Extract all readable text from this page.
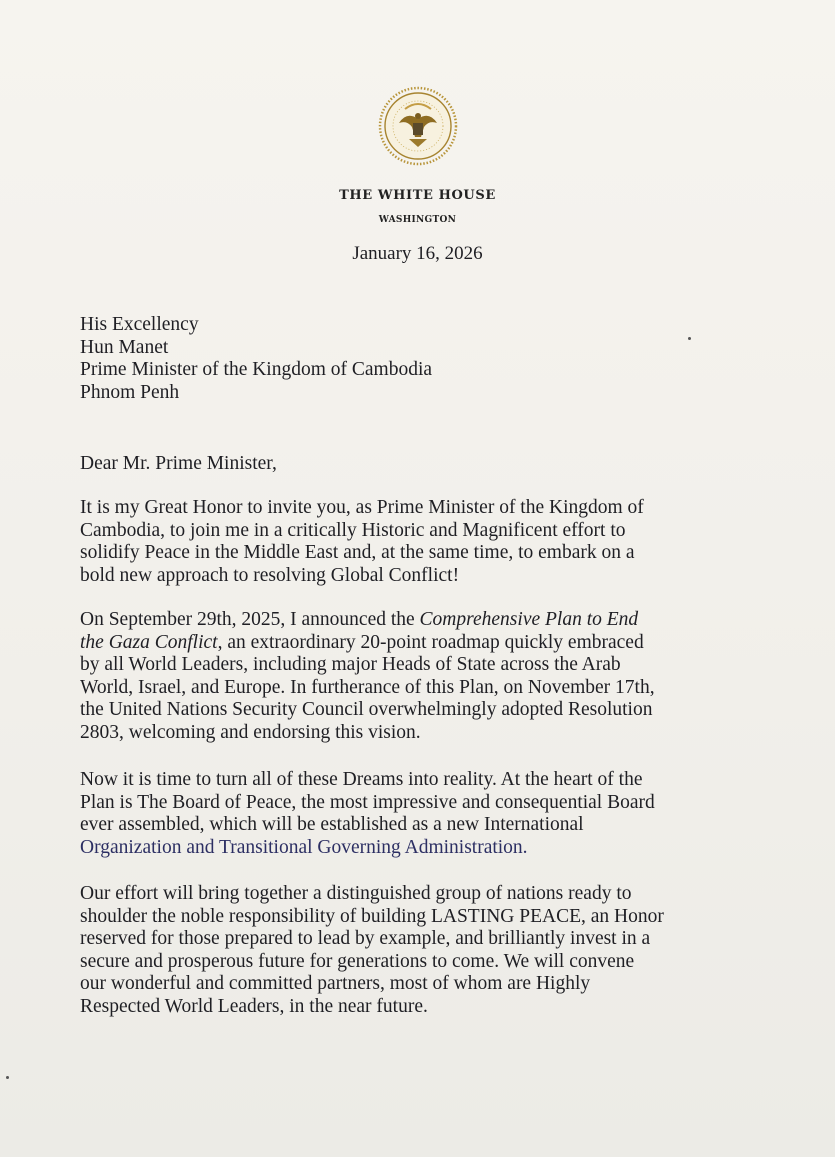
THE WHITE HOUSE
WASHINGTON
January 16, 2026
His Excellency
Hun Manet
Prime Minister of the Kingdom of Cambodia
Phnom Penh
Dear Mr. Prime Minister,
It is my Great Honor to invite you, as Prime Minister of the Kingdom of
Cambodia, to join me in a critically Historic and Magnificent effort to
solidify Peace in the Middle East and, at the same time, to embark on a
bold new approach to resolving Global Conflict!
On September 29th, 2025, I announced the Comprehensive Plan to End
the Gaza Conflict, an extraordinary 20-point roadmap quickly embraced
by all World Leaders, including major Heads of State across the Arab
World, Israel, and Europe. In furtherance of this Plan, on November 17th,
the United Nations Security Council overwhelmingly adopted Resolution
2803, welcoming and endorsing this vision.
Now it is time to turn all of these Dreams into reality. At the heart of the
Plan is The Board of Peace, the most impressive and consequential Board
ever assembled, which will be established as a new International
Organization and Transitional Governing Administration.
Our effort will bring together a distinguished group of nations ready to
shoulder the noble responsibility of building LASTING PEACE, an Honor
reserved for those prepared to lead by example, and brilliantly invest in a
secure and prosperous future for generations to come. We will convene
our wonderful and committed partners, most of whom are Highly
Respected World Leaders, in the near future.
